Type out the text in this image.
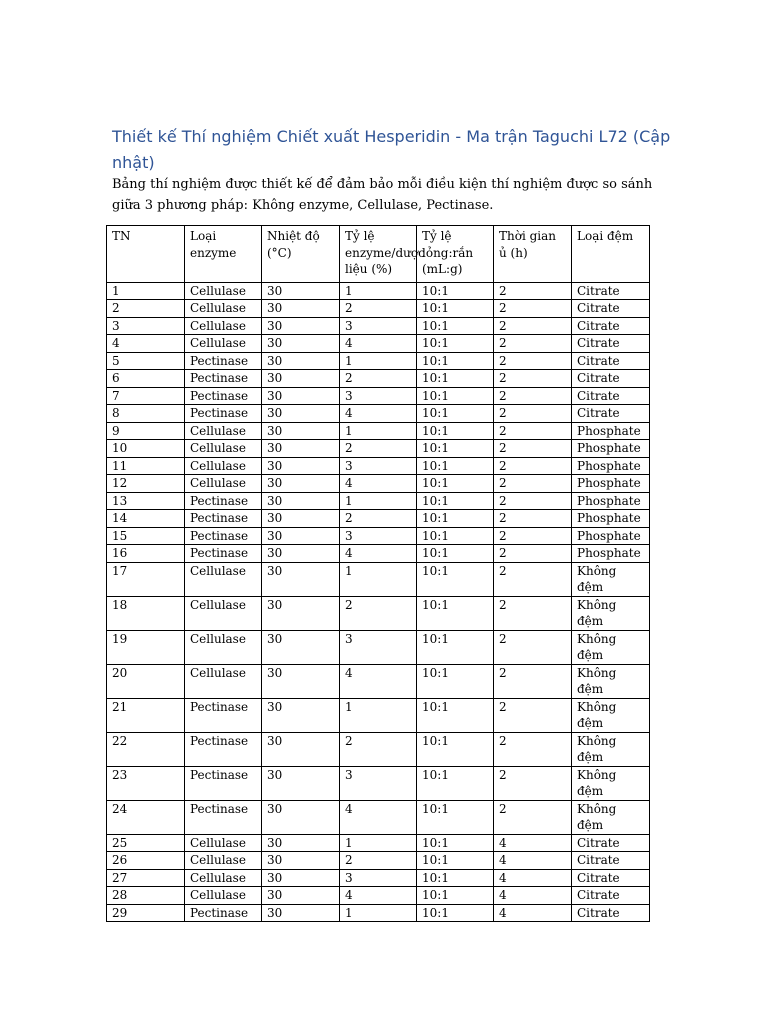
Thiết kế Thí nghiệm Chiết xuất Hesperidin - Ma trận Taguchi L72 (Cập nhật)

Bảng thí nghiệm được thiết kế để đảm bảo mỗi điều kiện thí nghiệm được so sánh giữa 3 phương pháp: Không enzyme, Cellulase, Pectinase.

TN	Loại enzyme	Nhiệt độ (°C)	Tỷ lệ enzyme/dược liệu (%)	Tỷ lệ lỏng:rắn (mL:g)	Thời gian ủ (h)	Loại đệm
1	Cellulase	30	1	10:1	2	Citrate
2	Cellulase	30	2	10:1	2	Citrate
3	Cellulase	30	3	10:1	2	Citrate
4	Cellulase	30	4	10:1	2	Citrate
5	Pectinase	30	1	10:1	2	Citrate
6	Pectinase	30	2	10:1	2	Citrate
7	Pectinase	30	3	10:1	2	Citrate
8	Pectinase	30	4	10:1	2	Citrate
9	Cellulase	30	1	10:1	2	Phosphate
10	Cellulase	30	2	10:1	2	Phosphate
11	Cellulase	30	3	10:1	2	Phosphate
12	Cellulase	30	4	10:1	2	Phosphate
13	Pectinase	30	1	10:1	2	Phosphate
14	Pectinase	30	2	10:1	2	Phosphate
15	Pectinase	30	3	10:1	2	Phosphate
16	Pectinase	30	4	10:1	2	Phosphate
17	Cellulase	30	1	10:1	2	Không đệm
18	Cellulase	30	2	10:1	2	Không đệm
19	Cellulase	30	3	10:1	2	Không đệm
20	Cellulase	30	4	10:1	2	Không đệm
21	Pectinase	30	1	10:1	2	Không đệm
22	Pectinase	30	2	10:1	2	Không đệm
23	Pectinase	30	3	10:1	2	Không đệm
24	Pectinase	30	4	10:1	2	Không đệm
25	Cellulase	30	1	10:1	4	Citrate
26	Cellulase	30	2	10:1	4	Citrate
27	Cellulase	30	3	10:1	4	Citrate
28	Cellulase	30	4	10:1	4	Citrate
29	Pectinase	30	1	10:1	4	Citrate
